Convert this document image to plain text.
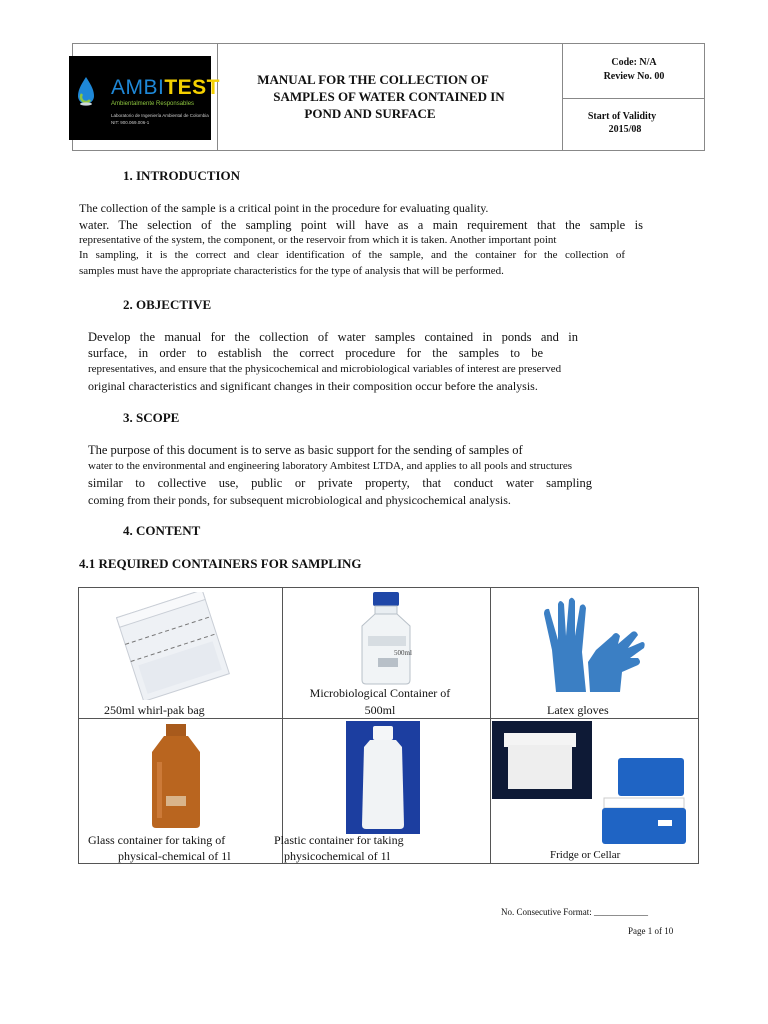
AMBITEST
Ambientalmente Responsables
Laboratorio de Ingeniería Ambiental de Colombia
NIT: 900.069.006-1
MANUAL FOR THE COLLECTION OF
SAMPLES OF WATER CONTAINED IN
POND AND SURFACE
Code: N/A
Review No. 00
Start of Validity
2015/08
1. INTRODUCTION
The collection of the sample is a critical point in the procedure for evaluating quality.
water. The selection of the sampling point will have as a main requirement that the sample is
representative of the system, the component, or the reservoir from which it is taken. Another important point
In sampling, it is the correct and clear identification of the sample, and the container for the collection of
samples must have the appropriate characteristics for the type of analysis that will be performed.
2. OBJECTIVE
Develop the manual for the collection of water samples contained in ponds and in
surface, in order to establish the correct procedure for the samples to be
representatives, and ensure that the physicochemical and microbiological variables of interest are preserved
original characteristics and significant changes in their composition occur before the analysis.
3. SCOPE
The purpose of this document is to serve as basic support for the sending of samples of
water to the environmental and engineering laboratory Ambitest LTDA, and applies to all pools and structures
similar to collective use, public or private property, that conduct water sampling
coming from their ponds, for subsequent microbiological and physicochemical analysis.
4. CONTENT
4.1 REQUIRED CONTAINERS FOR SAMPLING
250ml whirl-pak bag
500ml
Microbiological Container of
500ml	Latex gloves
Glass container for taking of
physical-chemical of 1l
Plastic container for taking
physicochemical of 1l	Fridge or Cellar
No. Consecutive Format: ____________
Page 1 of 10
